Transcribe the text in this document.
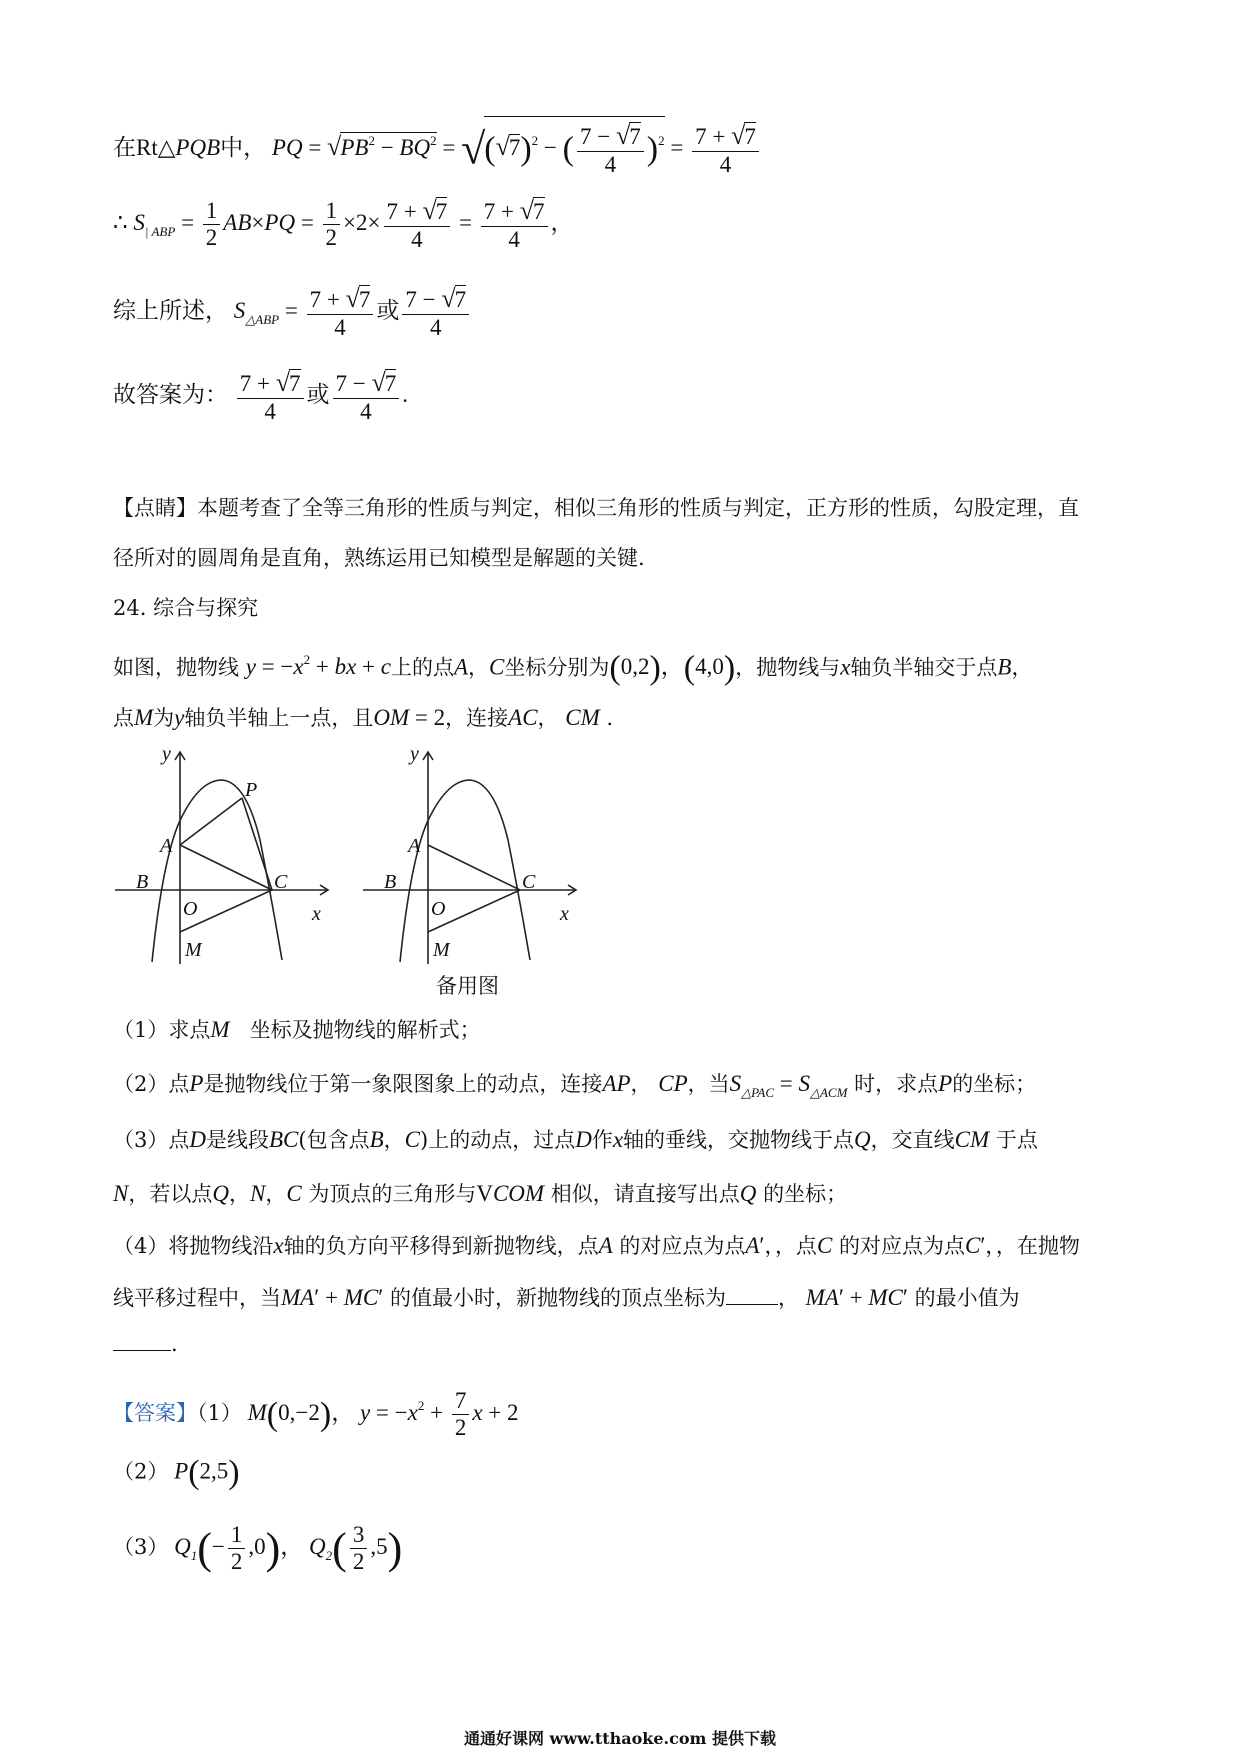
在Rt△PQB中， PQ = $√PB^2 - BQ^2 = √(√7)^2$ − ( $\frac{7 - √7}{4} )^2 = \frac{7 + √7}{4}$
∴ $S_{| ABP} = \frac{1}{2} AB\times PQ = \frac{1}{2} \times 2\times \frac{7 + √7}{4} = \frac{7 + √7}{4}$ ，
综上所述， $S_{\triangle ABP} = \frac{7 + √7}{4}$ 或 $\frac{7 - √7}{4}$
故答案为： $\frac{7 + √7}{4}$ 或 $\frac{7 - √7}{4}$ .
【点睛】本题考查了全等三角形的性质与判定，相似三角形的性质与判定，正方形的性质，勾股定理，直
径所对的圆周角是直角，熟练运用已知模型是解题的关键.
24. 综合与探究
如图，抛物线 $y = -x^2$ + bx + c上的点A，C坐标分别为(0,2)，(4,0)，抛物线与x轴负半轴交于点B，
点M为y轴负半轴上一点，且OM = 2，连接AC， CM .
y
x
A
B	C
O
M
P
y
x
A
B	C
O
M
备用图
（1）求点M 坐标及抛物线的解析式；
（2）点P是抛物线位于第一象限图象上的动点，连接AP， CP，当$S_{\triangle PAC} = S_{\triangle ACM}$ 时，求点P的坐标；
（3）点D是线段BC(包含点B，C)上的动点，过点D作x轴的垂线，交抛物线于点Q，交直线CM 于点
N，若以点Q，N，C 为顶点的三角形与VCOM 相似，请直接写出点Q 的坐标；
（4）将抛物线沿x轴的负方向平移得到新抛物线，点A 的对应点为点A′，，点C 的对应点为点C′，，在抛物
线平移过程中，当MA′ + MC′ 的值最小时，新抛物线的顶点坐标为 ， MA′ + MC′ 的最小值为
.
【答案】（1） M(0,−2)， $y = -x^2 + \frac{7}{2}$ x + 2
（2） P(2,5)
（3） $Q_1(- \frac{1}{2} ,0)$， $Q_2( \frac{3}{2} ,5)$
通通好课网 www.tthaoke.com 提供下载
